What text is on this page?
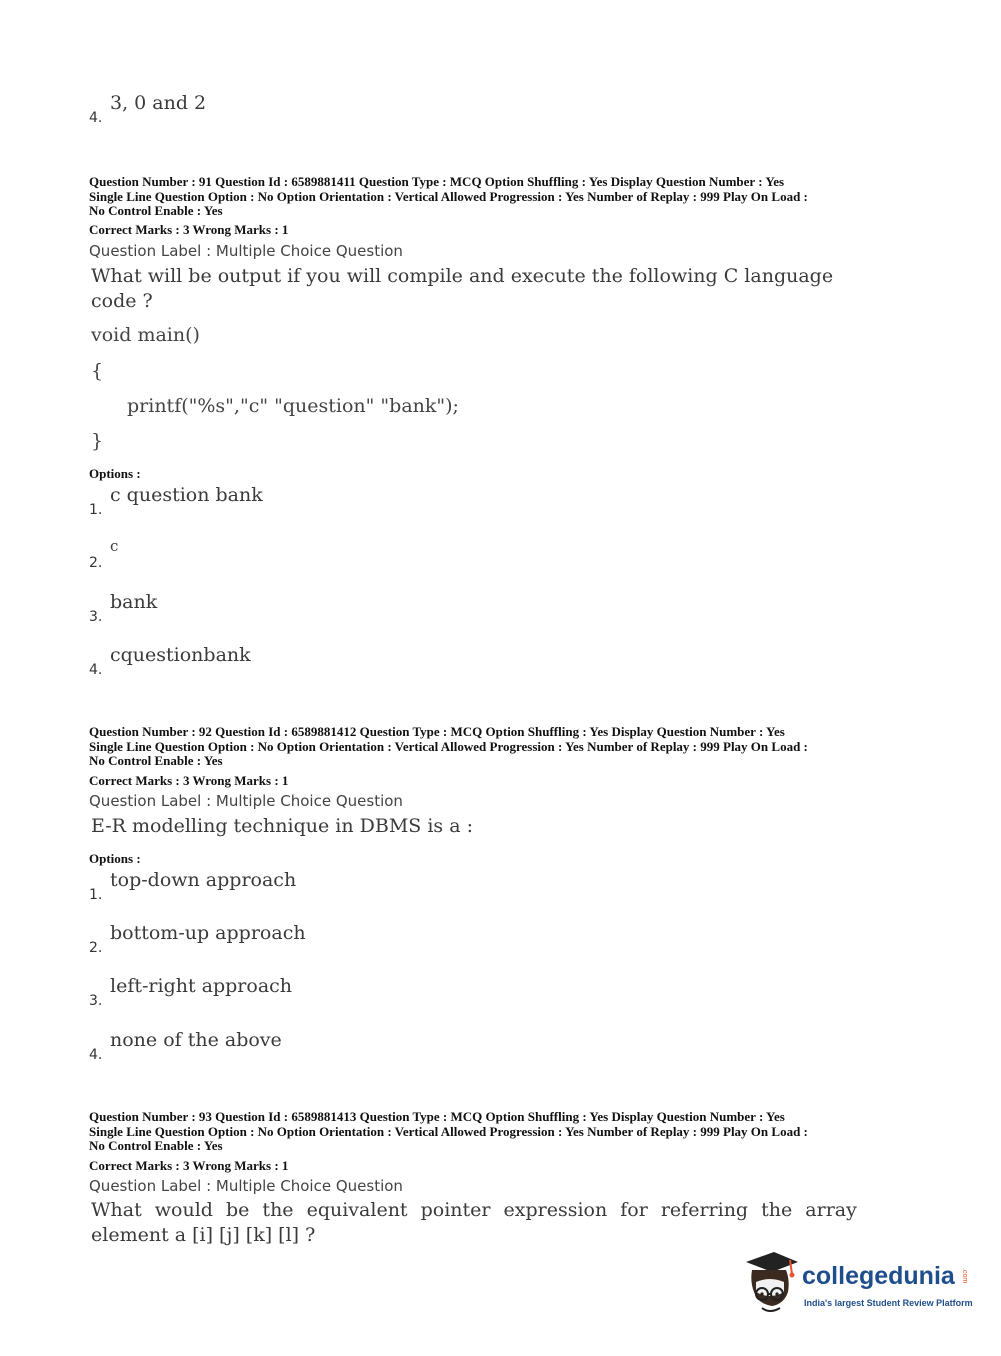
4.
3, 0 and 2
Question Number : 91 Question Id : 6589881411 Question Type : MCQ Option Shuffling : Yes Display Question Number : Yes
Single Line Question Option : No Option Orientation : Vertical Allowed Progression : Yes Number of Replay : 999 Play On Load :
No Control Enable : Yes
Correct Marks : 3 Wrong Marks : 1
Question Label : Multiple Choice Question
What will be output if you will compile and execute the following C language
code ?
void main()
{
printf("%s","c" "question" "bank");
}
Options :
1.
c question bank
2.
c
3.
bank
4.
cquestionbank
Question Number : 92 Question Id : 6589881412 Question Type : MCQ Option Shuffling : Yes Display Question Number : Yes
Single Line Question Option : No Option Orientation : Vertical Allowed Progression : Yes Number of Replay : 999 Play On Load :
No Control Enable : Yes
Correct Marks : 3 Wrong Marks : 1
Question Label : Multiple Choice Question
E-R modelling technique in DBMS is a :
Options :
1.
top-down approach
2.
bottom-up approach
3.
left-right approach
4.
none of the above
Question Number : 93 Question Id : 6589881413 Question Type : MCQ Option Shuffling : Yes Display Question Number : Yes
Single Line Question Option : No Option Orientation : Vertical Allowed Progression : Yes Number of Replay : 999 Play On Load :
No Control Enable : Yes
Correct Marks : 3 Wrong Marks : 1
Question Label : Multiple Choice Question
What would be the equivalent pointer expression for referring the array
element a [i] [j] [k] [l] ?
collegedunia .com
India's largest Student Review Platform
